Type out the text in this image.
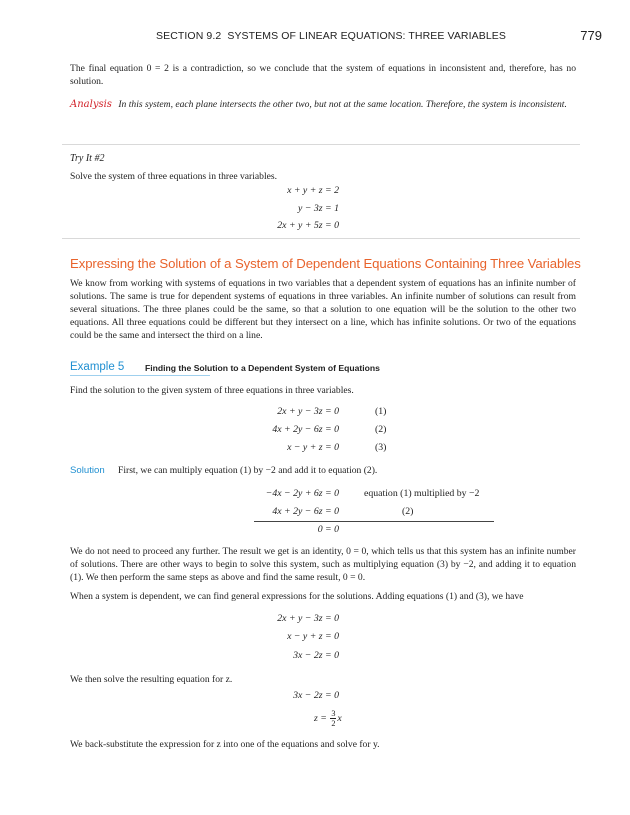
SECTION 9.2 SYSTEMS OF LINEAR EQUATIONS: THREE VARIABLES	779
The final equation 0 = 2 is a contradiction, so we conclude that the system of equations in inconsistent and, therefore, has no solution.
Analysis In this system, each plane intersects the other two, but not at the same location. Therefore, the system is inconsistent.
Try It #2
Solve the system of three equations in three variables.
x + y + z = 2
y − 3z = 1
2x + y + 5z = 0
Expressing the Solution of a System of Dependent Equations Containing Three Variables
We know from working with systems of equations in two variables that a dependent system of equations has an infinite number of solutions. The same is true for dependent systems of equations in three variables. An infinite number of solutions can result from several situations. The three planes could be the same, so that a solution to one equation will be the solution to the other two equations. All three equations could be different but they intersect on a line, which has infinite solutions. Or two of the equations could be the same and intersect the third on a line.
Example 5 Finding the Solution to a Dependent System of Equations
Find the solution to the given system of three equations in three variables.
2x + y − 3z = 0	(1)
4x + 2y − 6z = 0	(2)
x − y + z = 0	(3)
Solution First, we can multiply equation (1) by −2 and add it to equation (2).
−4x − 2y + 6z = 0	equation (1) multiplied by −2
4x + 2y − 6z = 0	(2)
0 = 0
We do not need to proceed any further. The result we get is an identity, 0 = 0, which tells us that this system has an infinite number of solutions. There are other ways to begin to solve this system, such as multiplying equation (3) by −2, and adding it to equation (1). We then perform the same steps as above and find the same result, 0 = 0.
When a system is dependent, we can find general expressions for the solutions. Adding equations (1) and (3), we have
2x + y − 3z = 0
x − y + z = 0
3x − 2z = 0
We then solve the resulting equation for z.
3x − 2z = 0
$z = \frac{3}{2}$ x
We back-substitute the expression for z into one of the equations and solve for y.
